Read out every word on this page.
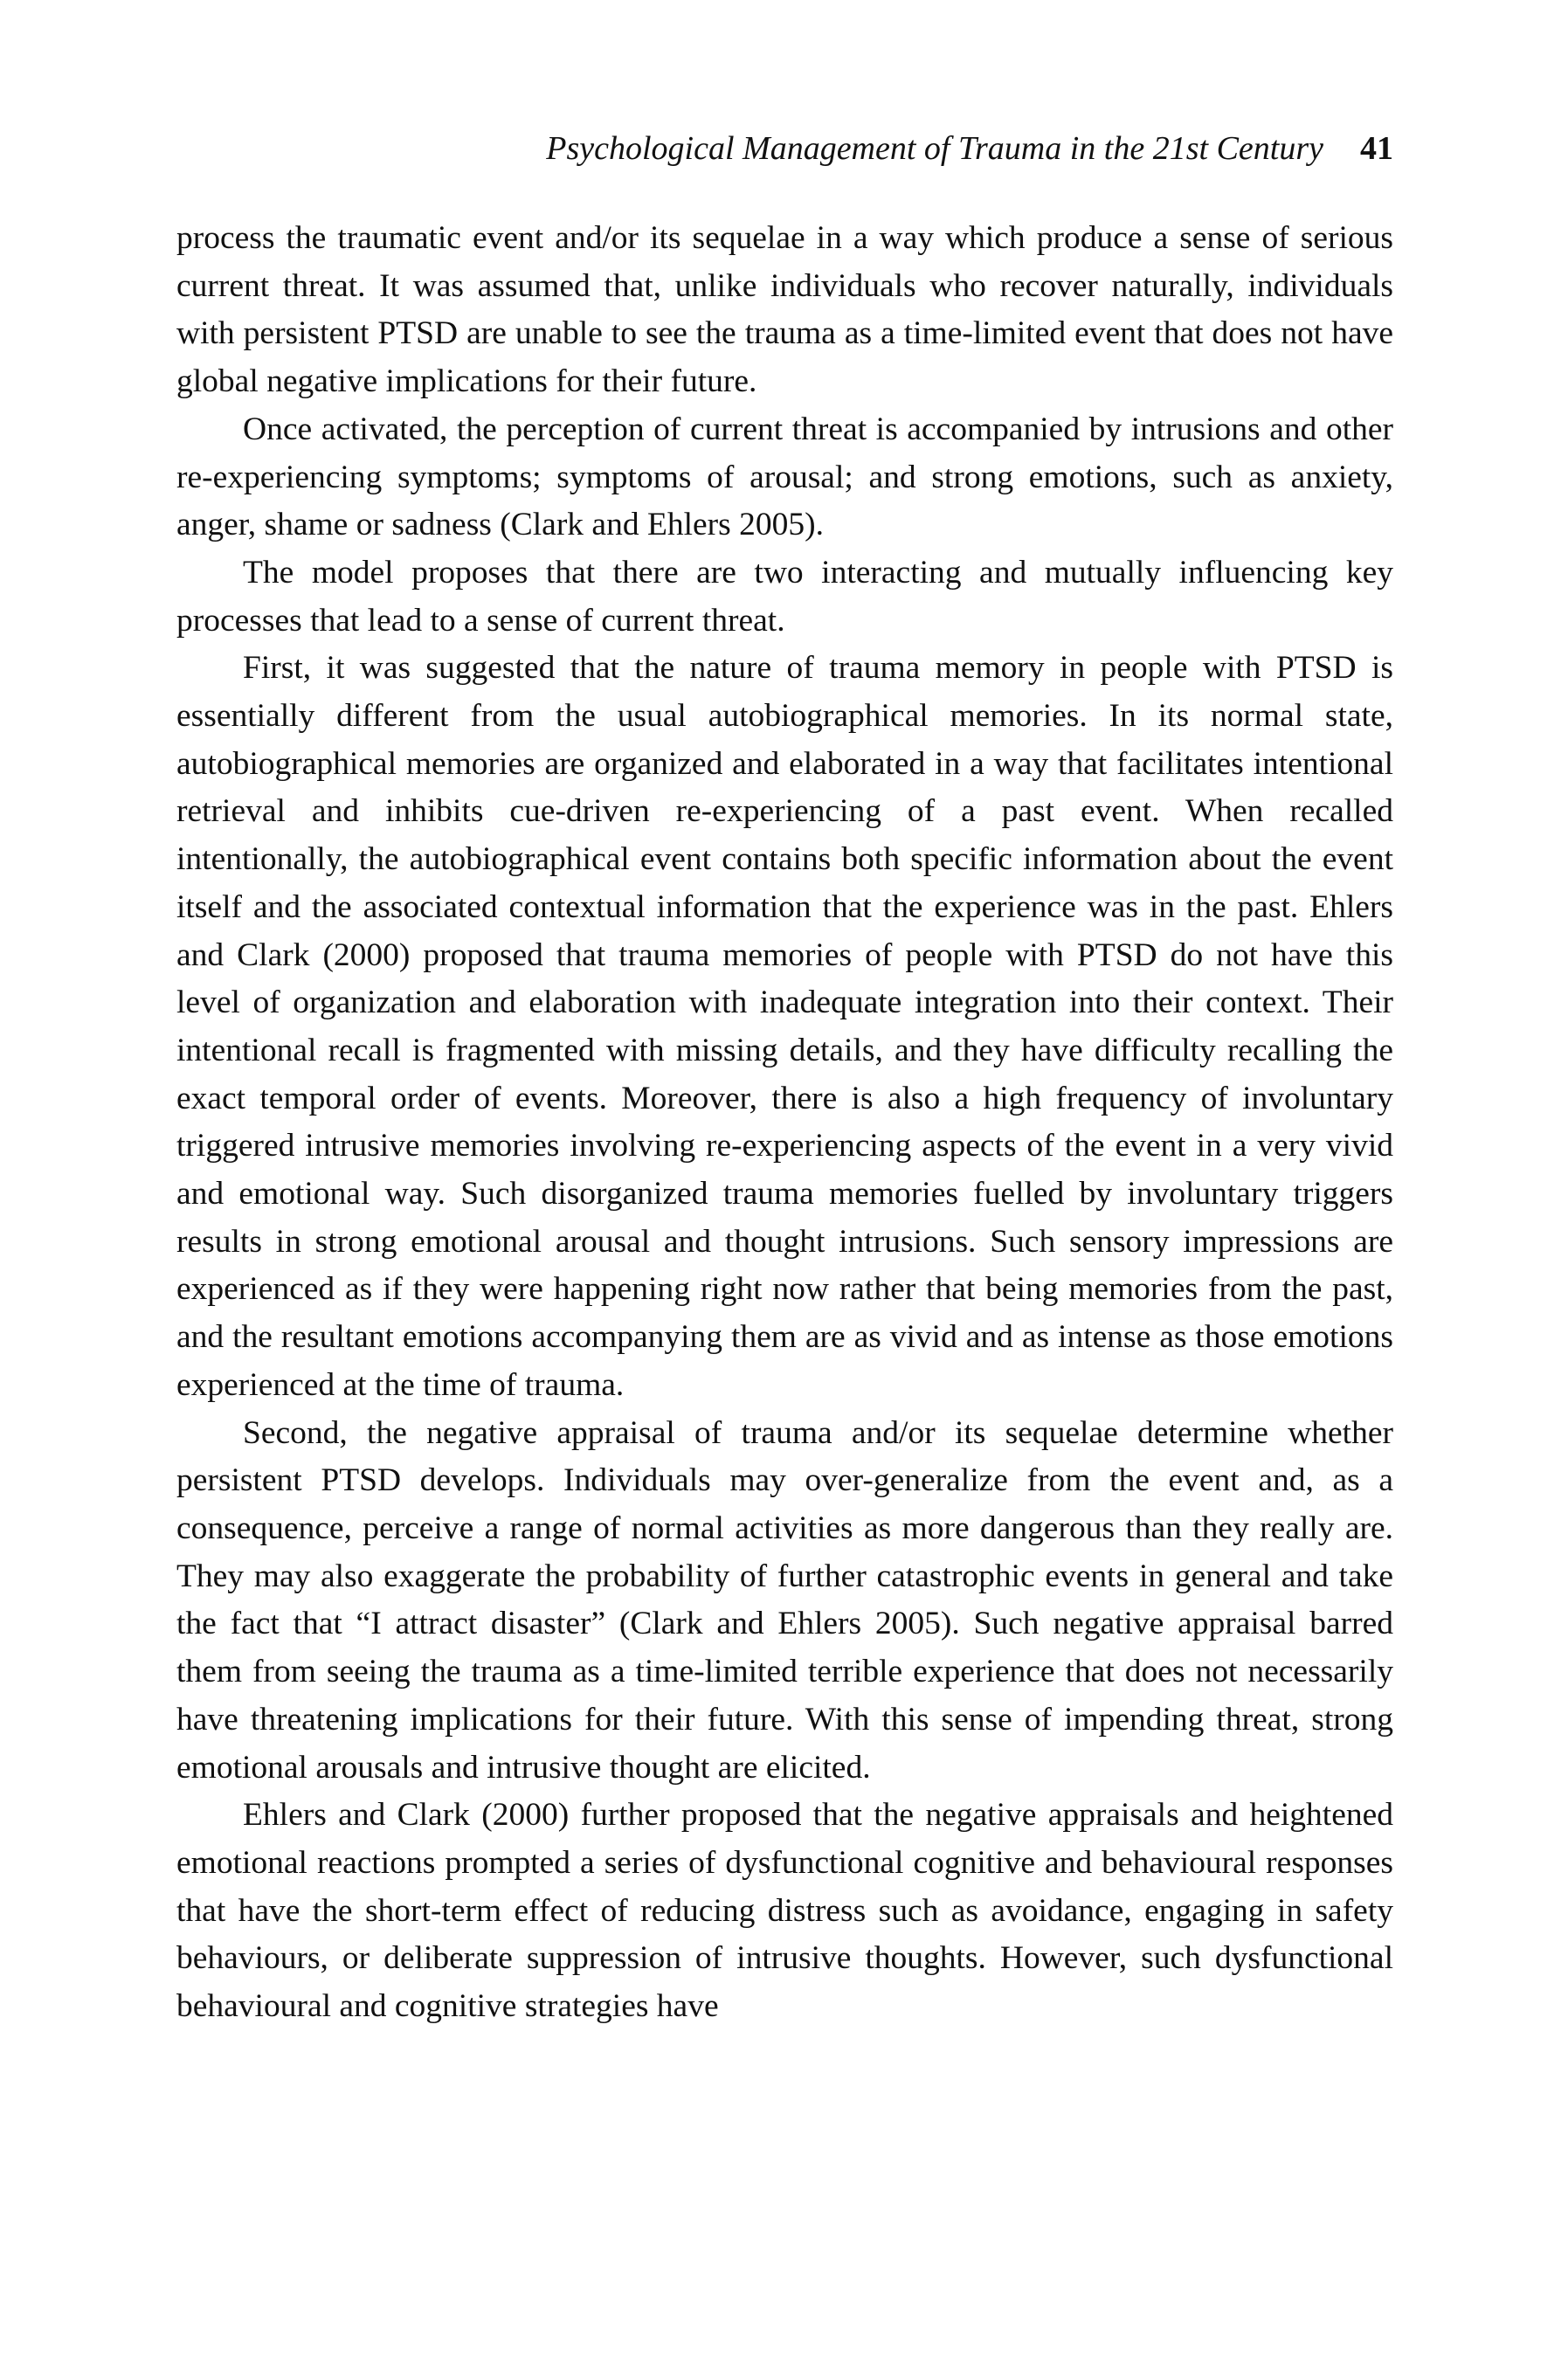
Psychological Management of Trauma in the 21st Century 41

process the traumatic event and/or its sequelae in a way which produce a sense of serious current threat. It was assumed that, unlike individuals who recover naturally, individuals with persistent PTSD are unable to see the trauma as a time-limited event that does not have global negative implications for their future.

Once activated, the perception of current threat is accompanied by intrusions and other re-experiencing symptoms; symptoms of arousal; and strong emotions, such as anxiety, anger, shame or sadness (Clark and Ehlers 2005).

The model proposes that there are two interacting and mutually influencing key processes that lead to a sense of current threat.

First, it was suggested that the nature of trauma memory in people with PTSD is essentially different from the usual autobiographical memories. In its normal state, autobiographical memories are organized and elaborated in a way that facilitates intentional retrieval and inhibits cue-driven re-experiencing of a past event. When recalled intentionally, the autobiographical event contains both specific information about the event itself and the associated contextual information that the experience was in the past. Ehlers and Clark (2000) proposed that trauma memories of people with PTSD do not have this level of organization and elaboration with inadequate integration into their context. Their intentional recall is fragmented with missing details, and they have difficulty recalling the exact temporal order of events. Moreover, there is also a high frequency of involuntary triggered intrusive memories involving re-experiencing aspects of the event in a very vivid and emotional way. Such disorganized trauma memories fuelled by involuntary triggers results in strong emotional arousal and thought intrusions. Such sensory impressions are experienced as if they were happening right now rather that being memories from the past, and the resultant emotions accompanying them are as vivid and as intense as those emotions experienced at the time of trauma.

Second, the negative appraisal of trauma and/or its sequelae determine whether persistent PTSD develops. Individuals may over-generalize from the event and, as a consequence, perceive a range of normal activities as more dangerous than they really are. They may also exaggerate the probability of further catastrophic events in general and take the fact that “I attract disaster” (Clark and Ehlers 2005). Such negative appraisal barred them from seeing the trauma as a time-limited terrible experience that does not necessarily have threatening implications for their future. With this sense of impending threat, strong emotional arousals and intrusive thought are elicited.

Ehlers and Clark (2000) further proposed that the negative appraisals and heightened emotional reactions prompted a series of dysfunctional cognitive and behavioural responses that have the short-term effect of reducing distress such as avoidance, engaging in safety behaviours, or deliberate suppression of intrusive thoughts. However, such dysfunctional behavioural and cognitive strategies have
